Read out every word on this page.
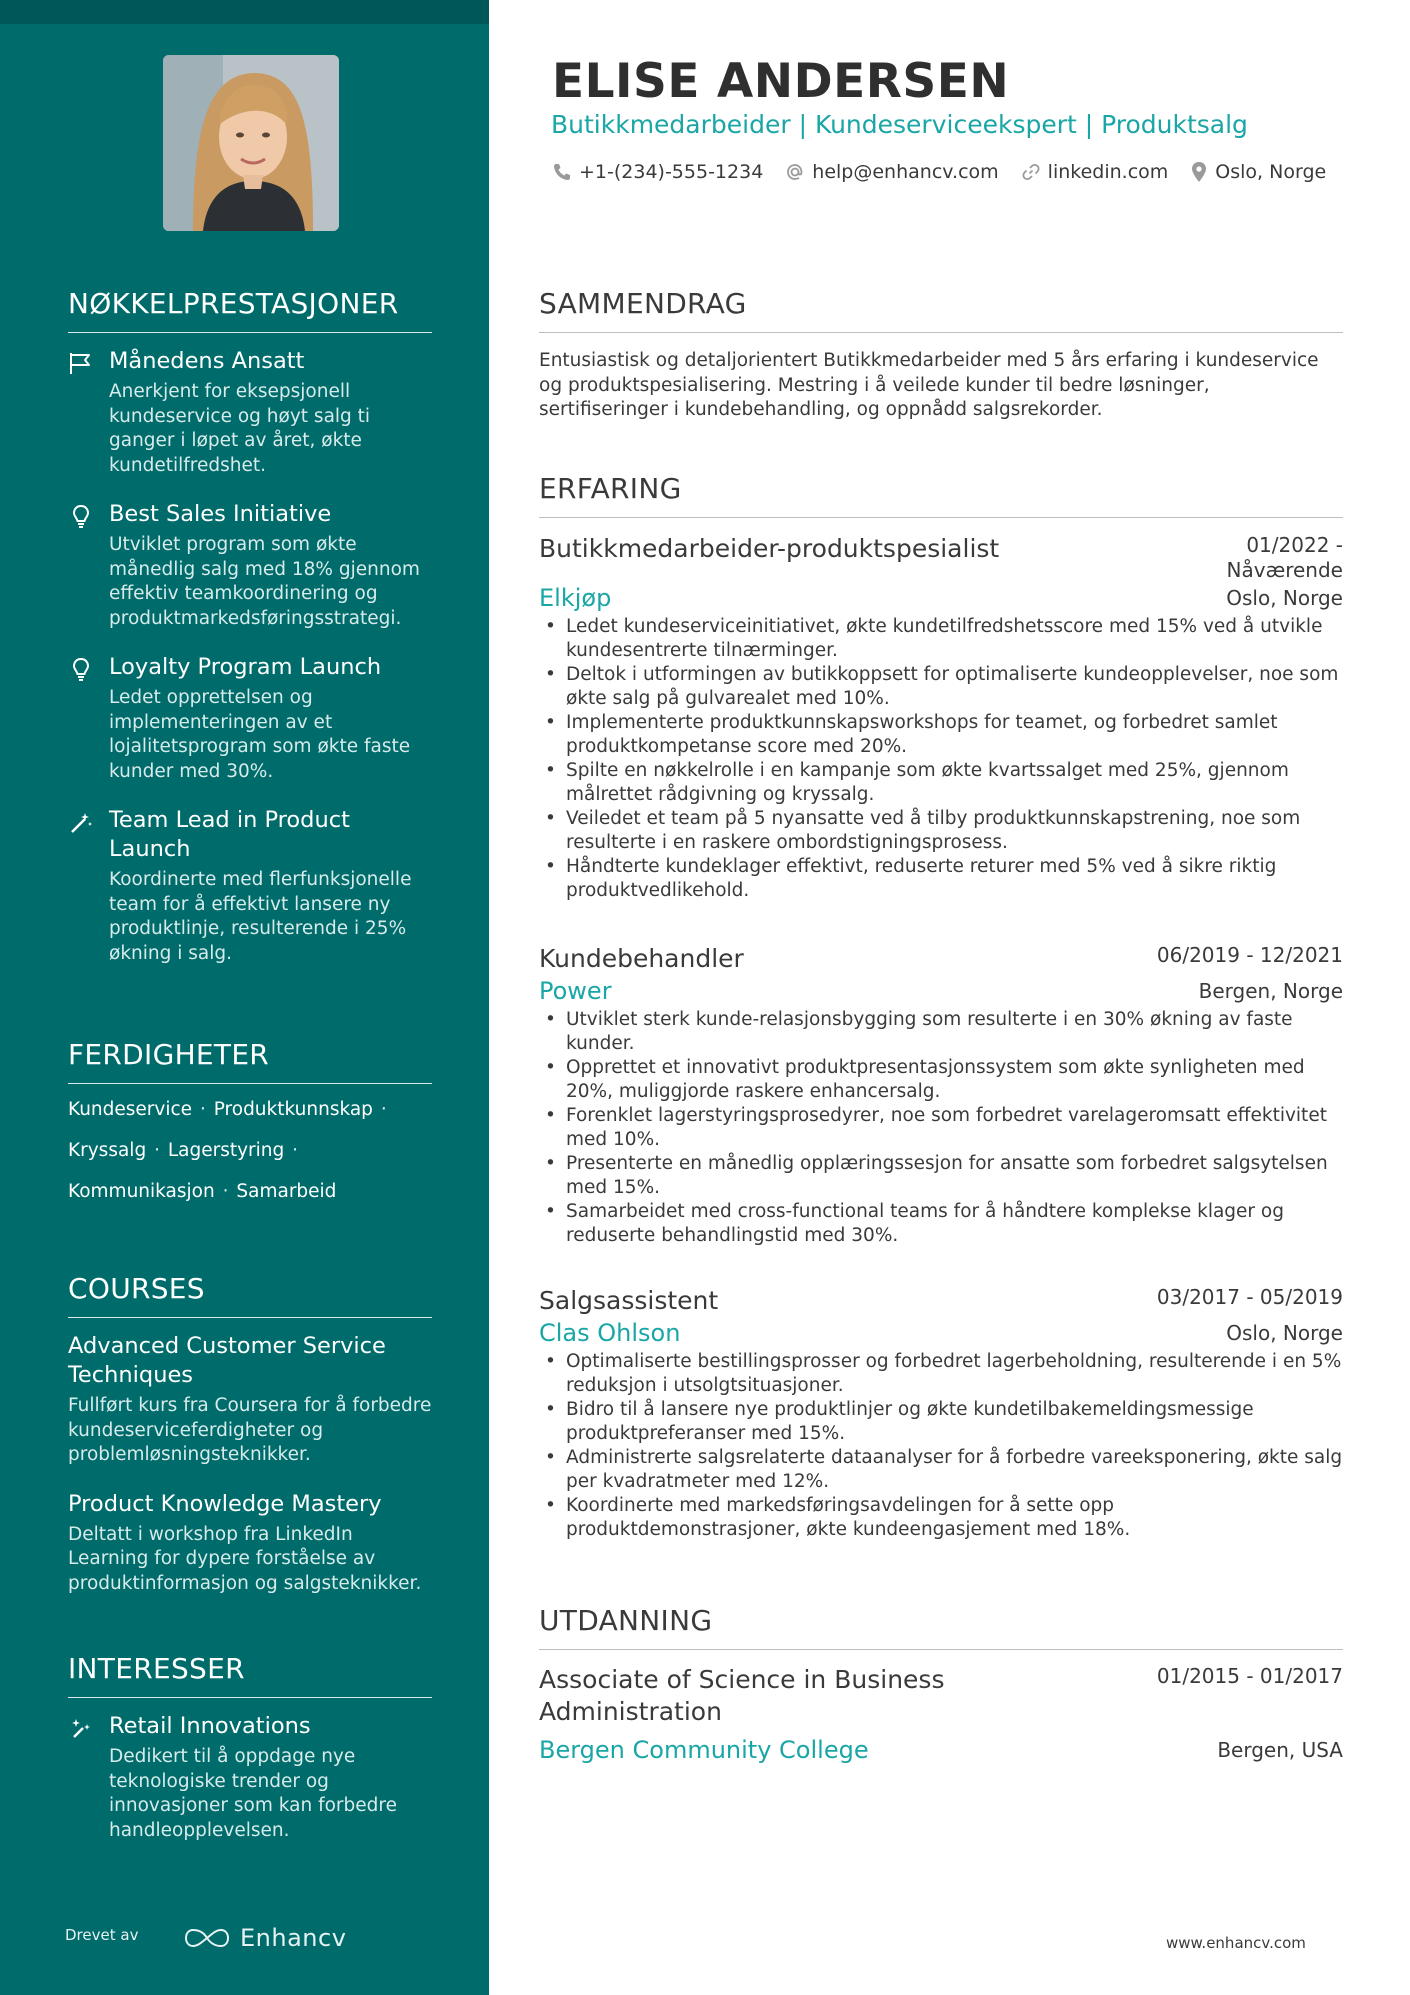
NØKKELPRESTASJONER
Månedens Ansatt
Anerkjent for eksepsjonell kundeservice og høyt salg ti ganger i løpet av året, økte kundetilfredshet.
Best Sales Initiative
Utviklet program som økte månedlig salg med 18% gjennom effektiv teamkoordinering og produktmarkedsføringsstrategi.
Loyalty Program Launch
Ledet opprettelsen og implementeringen av et lojalitetsprogram som økte faste kunder med 30%.
Team Lead in Product Launch
Koordinerte med flerfunksjonelle team for å effektivt lansere ny produktlinje, resulterende i 25% økning i salg.
FERDIGHETER
Kundeservice · Produktkunnskap ·
Kryssalg · Lagerstyring ·
Kommunikasjon · Samarbeid
COURSES
Advanced Customer Service Techniques
Fullført kurs fra Coursera for å forbedre kundeserviceferdigheter og problemløsningsteknikker.
Product Knowledge Mastery
Deltatt i workshop fra LinkedIn Learning for dypere forståelse av produktinformasjon og salgsteknikker.
INTERESSER
Retail Innovations
Dedikert til å oppdage nye teknologiske trender og innovasjoner som kan forbedre handleopplevelsen.
Drevet av	Enhancv
ELISE ANDERSEN
Butikkmedarbeider | Kundeserviceekspert | Produktsalg
+1-(234)-555-1234	help@enhancv.com	linkedin.com Oslo, Norge
SAMMENDRAG
Entusiastisk og detaljorientert Butikkmedarbeider med 5 års erfaring i kundeservice og produktspesialisering. Mestring i å veilede kunder til bedre løsninger, sertifiseringer i kundebehandling, og oppnådd salgsrekorder.
ERFARING
Butikkmedarbeider-produktspesialist	01/2022 - Nåværende
Elkjøp	Oslo, Norge
• Ledet kundeserviceinitiativet, økte kundetilfredshetsscore med 15% ved å utvikle kundesentrerte tilnærminger.
• Deltok i utformingen av butikkoppsett for optimaliserte kundeopplevelser, noe som økte salg på gulvarealet med 10%.
• Implementerte produktkunnskapsworkshops for teamet, og forbedret samlet produktkompetanse score med 20%.
• Spilte en nøkkelrolle i en kampanje som økte kvartssalget med 25%, gjennom målrettet rådgivning og kryssalg.
• Veiledet et team på 5 nyansatte ved å tilby produktkunnskapstrening, noe som resulterte i en raskere ombordstigningsprosess.
• Håndterte kundeklager effektivt, reduserte returer med 5% ved å sikre riktig produktvedlikehold.
Kundebehandler	06/2019 - 12/2021
Power	Bergen, Norge
• Utviklet sterk kunde-relasjonsbygging som resulterte i en 30% økning av faste kunder.
• Opprettet et innovativt produktpresentasjonssystem som økte synligheten med 20%, muliggjorde raskere enhancersalg.
• Forenklet lagerstyringsprosedyrer, noe som forbedret varelageromsatt effektivitet med 10%.
• Presenterte en månedlig opplæringssesjon for ansatte som forbedret salgsytelsen med 15%.
• Samarbeidet med cross-functional teams for å håndtere komplekse klager og reduserte behandlingstid med 30%.
Salgsassistent	03/2017 - 05/2019
Clas Ohlson	Oslo, Norge
• Optimaliserte bestillingsprosser og forbedret lagerbeholdning, resulterende i en 5% reduksjon i utsolgtsituasjoner.
• Bidro til å lansere nye produktlinjer og økte kundetilbakemeldingsmessige produktpreferanser med 15%.
• Administrerte salgsrelaterte dataanalyser for å forbedre vareeksponering, økte salg per kvadratmeter med 12%.
• Koordinerte med markedsføringsavdelingen for å sette opp produktdemonstrasjoner, økte kundeengasjement med 18%.
UTDANNING
Associate of Science in Business Administration
01/2015 - 01/2017
Bergen Community College	Bergen, USA
www.enhancv.com
